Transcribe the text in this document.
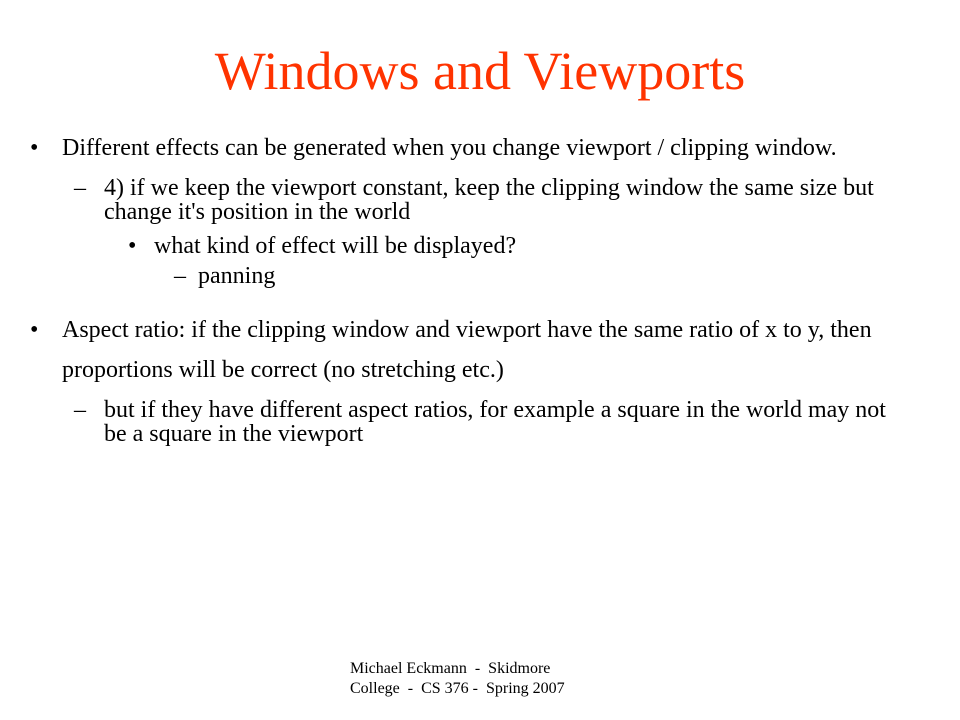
Windows and Viewports

• Different effects can be generated when you change viewport / clipping window.

– 4) if we keep the viewport constant, keep the clipping window the same size but change it's position in the world

• what kind of effect will be displayed?

– panning

• Aspect ratio: if the clipping window and viewport have the same ratio of x to y, then proportions will be correct (no stretching etc.)

– but if they have different aspect ratios, for example a square in the world may not be a square in the viewport

Michael Eckmann  -  Skidmore
College  -  CS 376 -  Spring 2007
